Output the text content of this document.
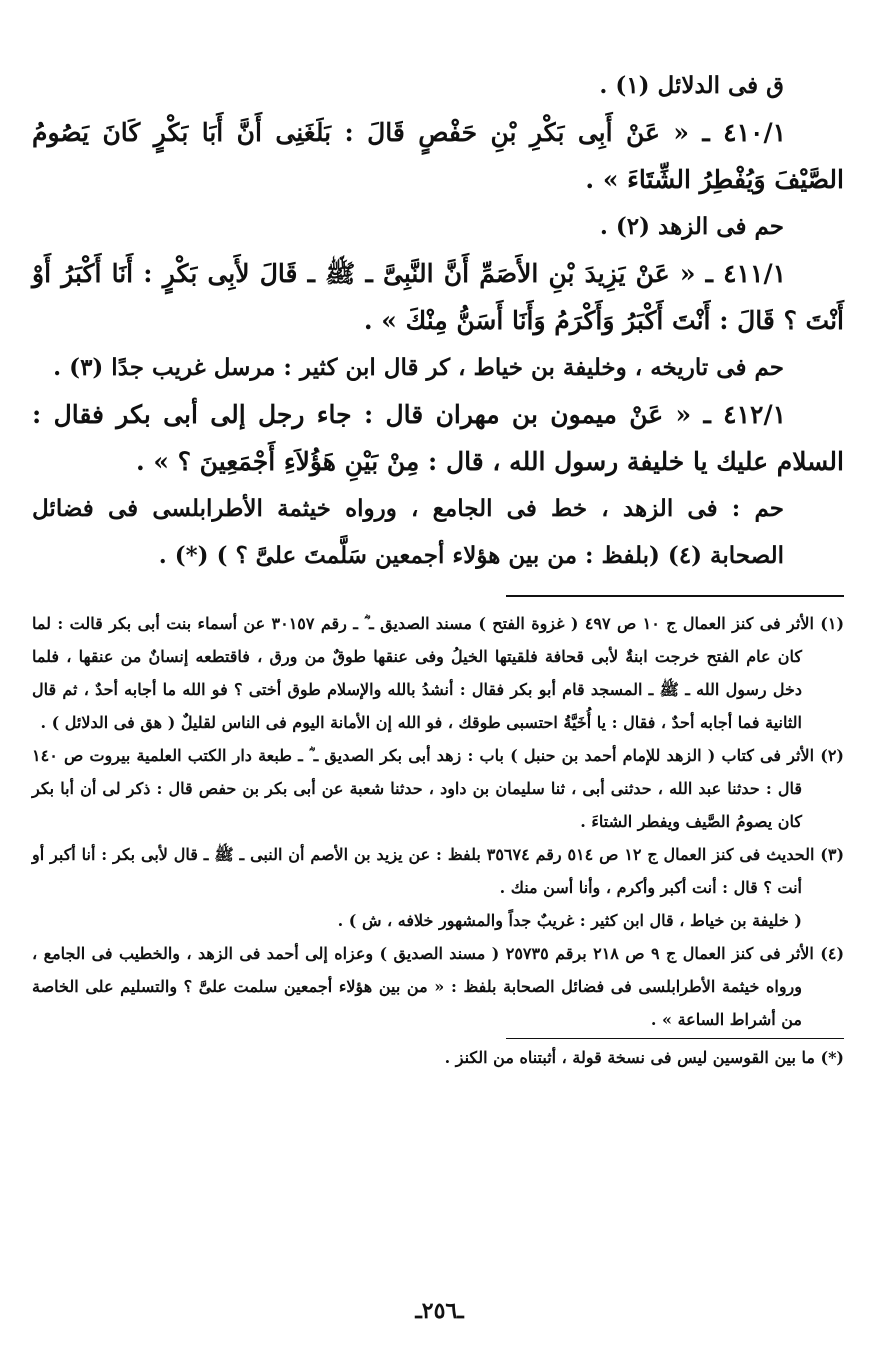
ق فى الدلائل (١) .

٤١٠/١ ـ « عَنْ أَبِى بَكْرِ بْنِ حَفْصٍ قَالَ : بَلَغَنِى أَنَّ أَبَا بَكْرٍ كَانَ يَصُومُ الصَّيْفَ وَيُفْطِرُ الشِّتَاءَ » .

حم فى الزهد (٢) .

٤١١/١ ـ « عَنْ يَزِيدَ بْنِ الأَصَمِّ أَنَّ النَّبِىَّ ـ ﷺ ـ قَالَ لأَبِى بَكْرٍ : أَنَا أَكْبَرُ أَوْ أَنْتَ ؟ قَالَ : أَنْتَ أَكْبَرُ وَأَكْرَمُ وَأَنَا أَسَنُّ مِنْكَ » .

حم فى تاريخه ، وخليفة بن خياط ، كر قال ابن كثير : مرسل غريب جدًا (٣) .

٤١٢/١ ـ « عَنْ ميمون بن مهران قال : جاء رجل إلى أبى بكر فقال : السلام عليك يا خليفة رسول الله ، قال : مِنْ بَيْنِ هَؤُلاَءِ أَجْمَعِينَ ؟ » .

حم : فى الزهد ، خط فى الجامع ، ورواه خيثمة الأطرابلسى فى فضائل الصحابة (٤) (بلفظ : من بين هؤلاء أجمعين سَلَّمتَ علىَّ ؟ ) (*) .

(١) الأثر فى كنز العمال ج ١٠ ص ٤٩٧ ( غزوة الفتح ) مسند الصديق ـ ؓ ـ رقم ٣٠١٥٧ عن أسماء بنت أبى بكر قالت : لما كان عام الفتح خرجت ابنةٌ لأبى قحافة فلقيتها الخيلُ وفى عنقها طوقٌ من ورق ، فاقتطعه إنسانٌ من عنقها ، فلما دخل رسول الله ـ ﷺ ـ المسجد قام أبو بكر فقال : أنشدُ بالله والإسلام طوق أختى ؟ فو الله ما أجابه أحدٌ ، ثم قال الثانية فما أجابه أحدٌ ، فقال : يا أُخَيَّةُ احتسبى طوقك ، فو الله إن الأمانة اليوم فى الناس لقليلٌ ( هق فى الدلائل ) .

(٢) الأثر فى كتاب ( الزهد للإمام أحمد بن حنبل ) باب : زهد أبى بكر الصديق ـ ؓ ـ طبعة دار الكتب العلمية بيروت ص ١٤٠ قال : حدثنا عبد الله ، حدثنى أبى ، ثنا سليمان بن داود ، حدثنا شعبة عن أبى بكر بن حفص قال : ذكر لى أن أبا بكر كان يصومُ الصَّيف ويفطر الشتاءَ .

(٣) الحديث فى كنز العمال ج ١٢ ص ٥١٤ رقم ٣٥٦٧٤ بلفظ : عن يزيد بن الأصم أن النبى ـ ﷺ ـ قال لأبى بكر : أنا أكبر أو أنت ؟ قال : أنت أكبر وأكرم ، وأنا أسن منك .

( خليفة بن خياط ، قال ابن كثير : غريبٌ جداً والمشهور خلافه ، ش ) .

(٤) الأثر فى كنز العمال ج ٩ ص ٢١٨ برقم ٢٥٧٣٥ ( مسند الصديق ) وعزاه إلى أحمد فى الزهد ، والخطيب فى الجامع ، ورواه خيثمة الأطرابلسى فى فضائل الصحابة بلفظ : « من بين هؤلاء أجمعين سلمت علىَّ ؟ والتسليم على الخاصة من أشراط الساعة » .

(*) ما بين القوسين ليس فى نسخة قولة ، أثبتناه من الكنز .

ـ٢٥٦ـ
